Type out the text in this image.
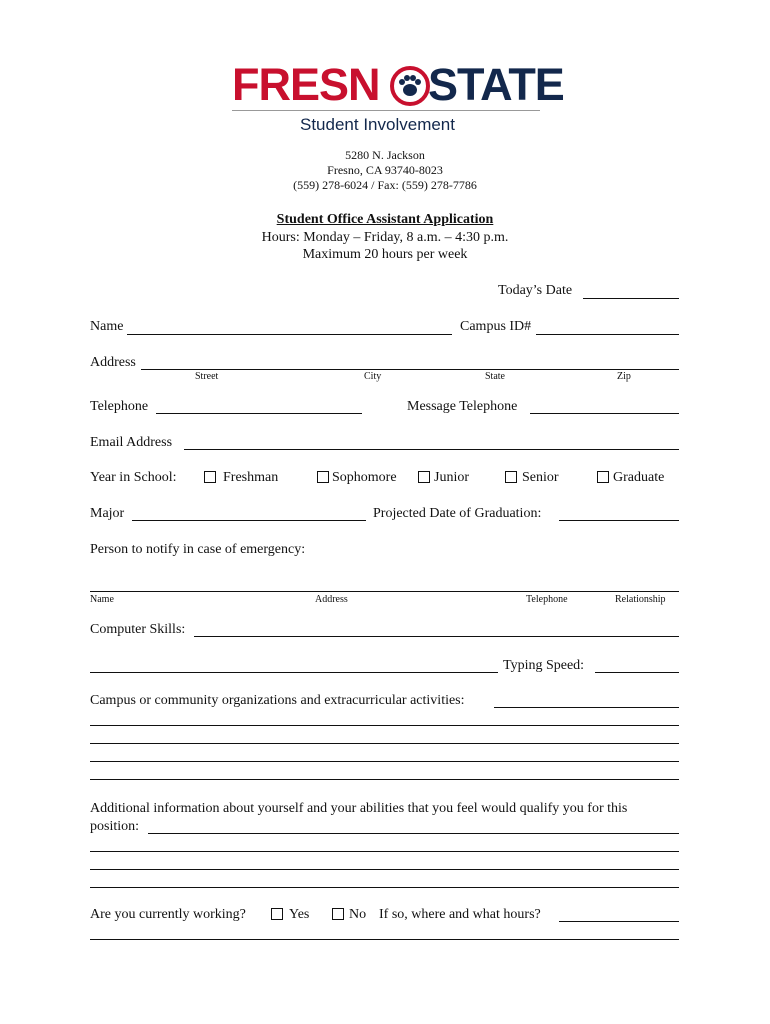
FRESN STATE
Student Involvement
5280 N. Jackson
Fresno, CA 93740-8023
(559) 278-6024 / Fax: (559) 278-7786
Student Office Assistant Application
Hours: Monday – Friday, 8 a.m. – 4:30 p.m.
Maximum 20 hours per week
Today’s Date
Name	Campus ID#
Address
Street	City	State	Zip
Telephone	Message Telephone
Email Address
Year in School:	Freshman	Sophomore	Junior	Senior	Graduate
Major	Projected Date of Graduation:
Person to notify in case of emergency:
Name	Address	Telephone	Relationship
Computer Skills:
Typing Speed:
Campus or community organizations and extracurricular activities:
Additional information about yourself and your abilities that you feel would qualify you for this
position:
Are you currently working?	Yes	No If so, where and what hours?
